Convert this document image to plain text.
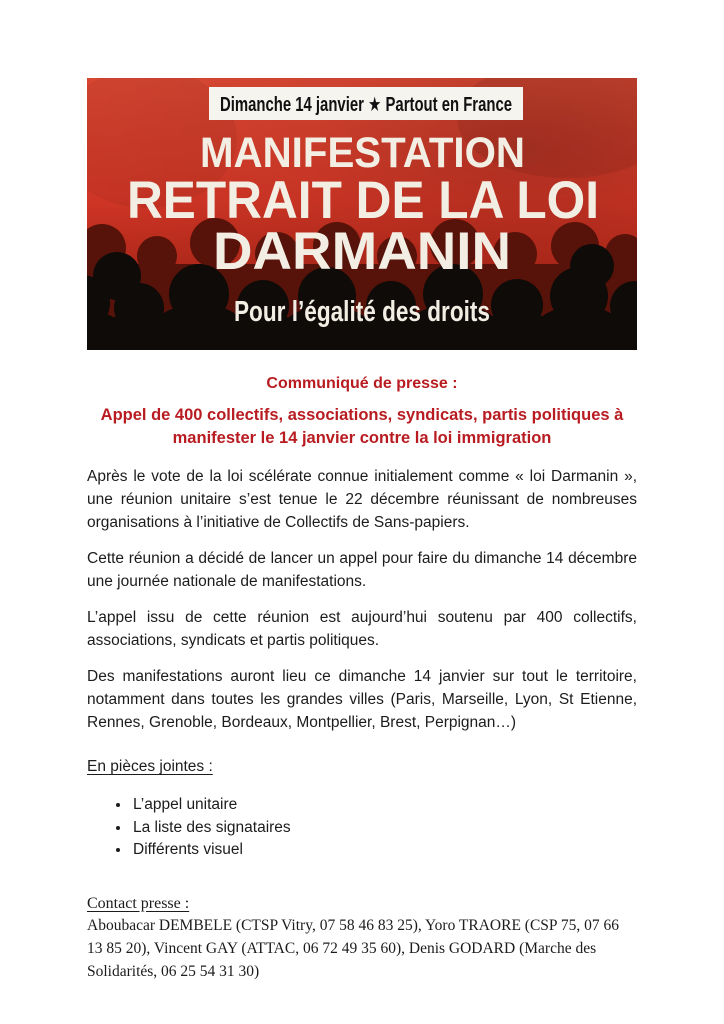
Dimanche 14 janvier ★ Partout en France
MANIFESTATION
RETRAIT DE LA LOI
DARMANIN
Pour l’égalité des droits

Communiqué de presse :

Appel de 400 collectifs, associations, syndicats, partis politiques à manifester le 14 janvier contre la loi immigration

Après le vote de la loi scélérate connue initialement comme « loi Darmanin », une réunion unitaire s’est tenue le 22 décembre réunissant de nombreuses organisations à l’initiative de Collectifs de Sans-papiers.

Cette réunion a décidé de lancer un appel pour faire du dimanche 14 décembre une journée nationale de manifestations.

L’appel issu de cette réunion est aujourd’hui soutenu par 400 collectifs, associations, syndicats et partis politiques.

Des manifestations auront lieu ce dimanche 14 janvier sur tout le territoire, notamment dans toutes les grandes villes (Paris, Marseille, Lyon, St Etienne, Rennes, Grenoble, Bordeaux, Montpellier, Brest, Perpignan…)

En pièces jointes :

• L’appel unitaire
• La liste des signataires
• Différents visuel

Contact presse :

Aboubacar DEMBELE (CTSP Vitry, 07 58 46 83 25), Yoro TRAORE (CSP 75, 07 66 13 85 20), Vincent GAY (ATTAC, 06 72 49 35 60), Denis GODARD (Marche des Solidarités, 06 25 54 31 30)
